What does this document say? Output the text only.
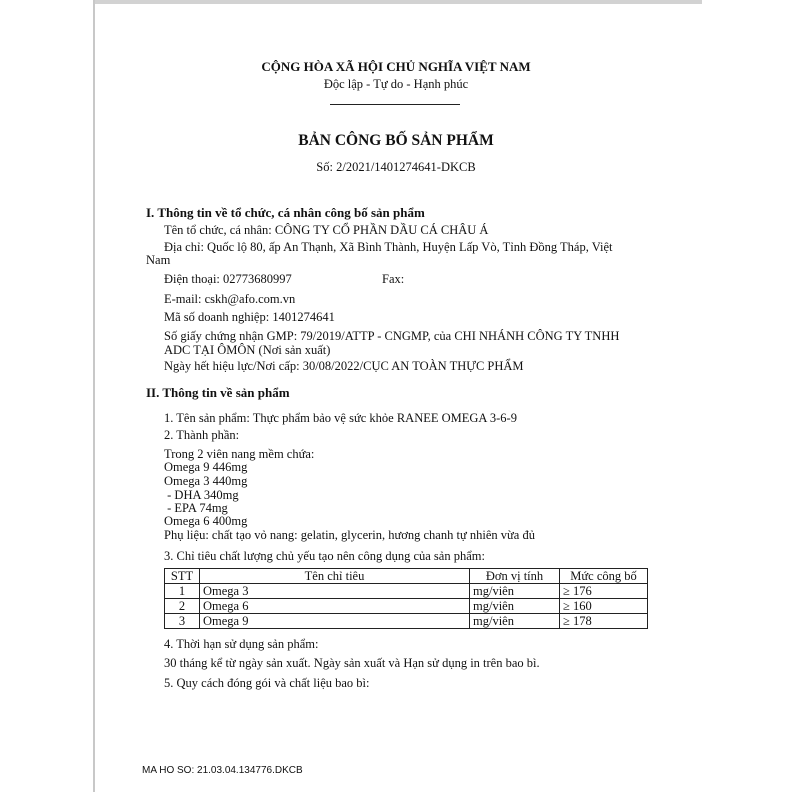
CỘNG HÒA XÃ HỘI CHỦ NGHĨA VIỆT NAM
Độc lập - Tự do - Hạnh phúc
BẢN CÔNG BỐ SẢN PHẨM
Số: 2/2021/1401274641-DKCB
I. Thông tin về tổ chức, cá nhân công bố sản phẩm
Tên tổ chức, cá nhân: CÔNG TY CỔ PHẦN DẦU CÁ CHÂU Á
Địa chỉ: Quốc lộ 80, ấp An Thạnh, Xã Bình Thành, Huyện Lấp Vò, Tỉnh Đồng Tháp, Việt
Nam
Điện thoại: 02773680997	Fax:
E-mail: cskh@afo.com.vn
Mã số doanh nghiệp: 1401274641
Số giấy chứng nhận GMP: 79/2019/ATTP - CNGMP, của CHI NHÁNH CÔNG TY TNHH
ADC TẠI ÔMÔN (Nơi sản xuất)
Ngày hết hiệu lực/Nơi cấp: 30/08/2022/CỤC AN TOÀN THỰC PHẨM
II. Thông tin về sản phẩm
1. Tên sản phẩm: Thực phẩm bảo vệ sức khỏe RANEE OMEGA 3-6-9
2. Thành phần:
Trong 2 viên nang mềm chứa:
Omega 9 446mg
Omega 3 440mg
- DHA 340mg
- EPA 74mg
Omega 6 400mg
Phụ liệu: chất tạo vỏ nang: gelatin, glycerin, hương chanh tự nhiên vừa đủ
3. Chỉ tiêu chất lượng chủ yếu tạo nên công dụng của sản phẩm:
STT	Tên chỉ tiêu	Đơn vị tính	Mức công bố
1	Omega 3	mg/viên	≥ 176
2	Omega 6	mg/viên	≥ 160
3	Omega 9	mg/viên	≥ 178
4. Thời hạn sử dụng sản phẩm:
30 tháng kể từ ngày sản xuất. Ngày sản xuất và Hạn sử dụng in trên bao bì.
5. Quy cách đóng gói và chất liệu bao bì:
MA HO SO: 21.03.04.134776.DKCB
